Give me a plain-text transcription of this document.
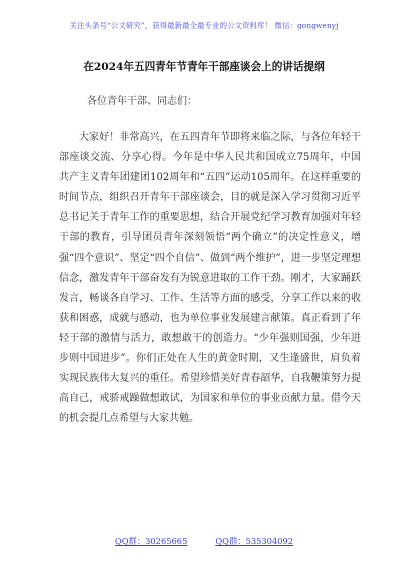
关注头条号“公文研究”，获得最新最全最专业的公文资料库！ 微信：gongwenyj
在2024年五四青年节青年干部座谈会上的讲话提纲
各位青年干部、同志们：

大家好！非常高兴，在五四青年节即将来临之际，与各位年轻干部座谈交流、分享心得。今年是中华人民共和国成立75周年，中国共产主义青年团建团102周年和“五四”运动105周年。在这样重要的时间节点，组织召开青年干部座谈会，目的就是深入学习贯彻习近平总书记关于青年工作的重要思想，结合开展党纪学习教育加强对年轻干部的教育，引导团员青年深刻领悟“两个确立”的决定性意义，增强“四个意识”、坚定“四个自信”、做到“两个维护”，进一步坚定理想信念，激发青年干部奋发有为锐意进取的工作干劲。刚才，大家踊跃发言，畅谈各自学习、工作、生活等方面的感受，分享工作以来的收获和困惑，成就与感动，也为单位事业发展建言献策。真正看到了年轻干部的激情与活力，敢想敢干的创造力。“少年强则国强，少年进步则中国进步”。你们正处在人生的黄金时期，又生逢盛世，肩负着实现民族伟大复兴的重任。希望珍惜美好青春韶华，自我鞭策努力提高自己，戒骄戒躁做想敢试，为国家和单位的事业贡献力量。借今天的机会提几点希望与大家共勉。

QQ群：30265665	QQ群：535304092
